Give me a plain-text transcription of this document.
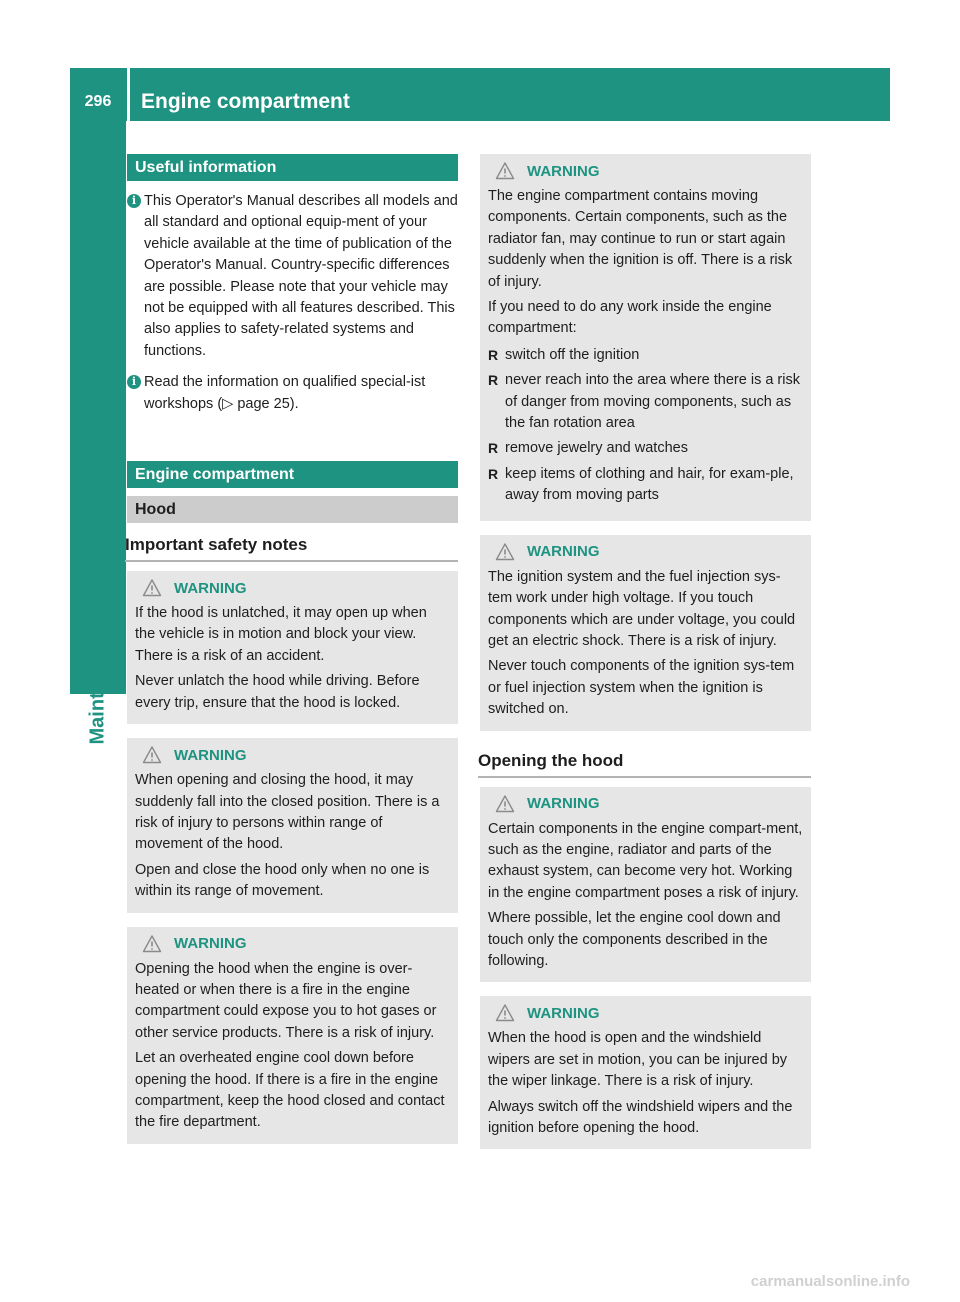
296	Engine compartment
Maintenance and care
Useful information
i This Operator's Manual describes all models and all standard and optional equip-ment of your vehicle available at the time of publication of the Operator's Manual. Country-specific differences are possible. Please note that your vehicle may not be equipped with all features described. This also applies to safety-related systems and functions.

i Read the information on qualified special-ist workshops (▷ page 25).

Engine compartment
Hood
Important safety notes
WARNING

If the hood is unlatched, it may open up when the vehicle is in motion and block your view. There is a risk of an accident.

Never unlatch the hood while driving. Before every trip, ensure that the hood is locked.

WARNING

When opening and closing the hood, it may suddenly fall into the closed position. There is a risk of injury to persons within range of movement of the hood.

Open and close the hood only when no one is within its range of movement.

WARNING

Opening the hood when the engine is over-heated or when there is a fire in the engine compartment could expose you to hot gases or other service products. There is a risk of injury.

Let an overheated engine cool down before opening the hood. If there is a fire in the engine compartment, keep the hood closed and contact the fire department.

WARNING

The engine compartment contains moving components. Certain components, such as the radiator fan, may continue to run or start again suddenly when the ignition is off. There is a risk of injury.

If you need to do any work inside the engine compartment:

R switch off the ignition
R never reach into the area where there is a risk of danger from moving components, such as the fan rotation area
R remove jewelry and watches
R keep items of clothing and hair, for exam-ple, away from moving parts
WARNING

The ignition system and the fuel injection sys-tem work under high voltage. If you touch components which are under voltage, you could get an electric shock. There is a risk of injury.

Never touch components of the ignition sys-tem or fuel injection system when the ignition is switched on.

Opening the hood
WARNING

Certain components in the engine compart-ment, such as the engine, radiator and parts of the exhaust system, can become very hot. Working in the engine compartment poses a risk of injury.

Where possible, let the engine cool down and touch only the components described in the following.

WARNING

When the hood is open and the windshield wipers are set in motion, you can be injured by the wiper linkage. There is a risk of injury.

Always switch off the windshield wipers and the ignition before opening the hood.

carmanualsonline.info
